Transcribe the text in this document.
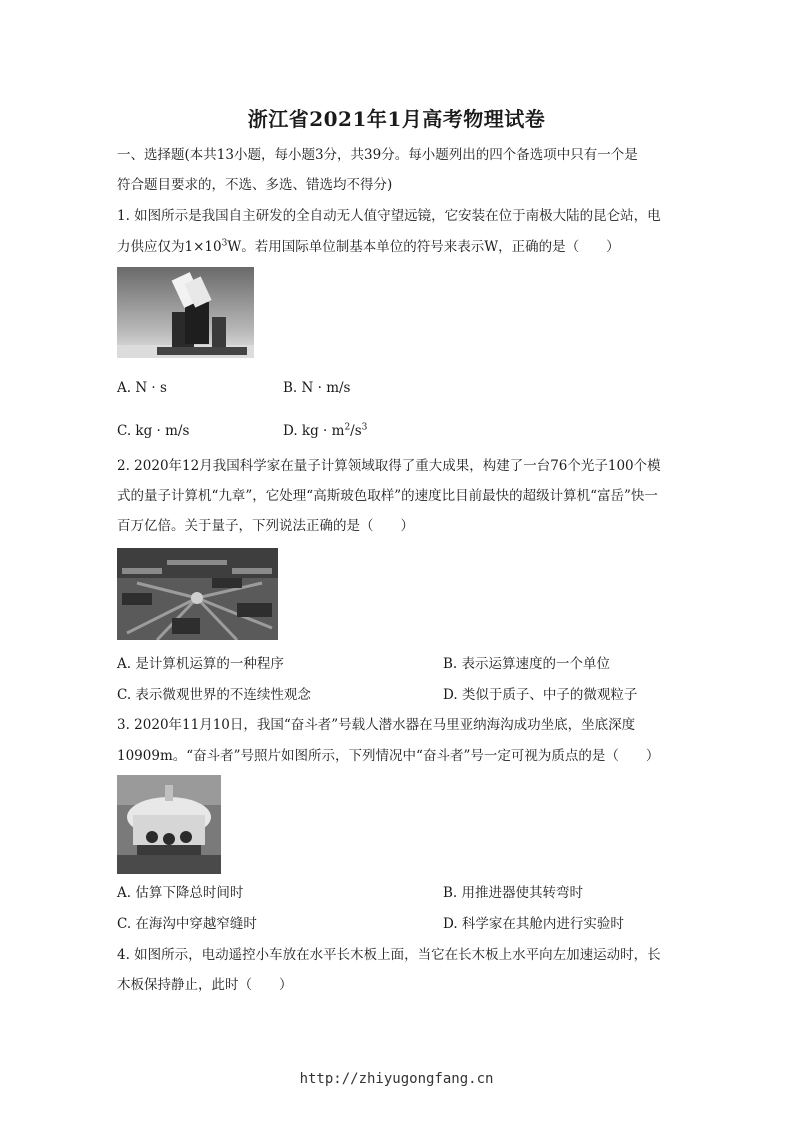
浙江省2021年1月高考物理试卷
一、选择题(本共13小题，每小题3分，共39分。每小题列出的四个备选项中只有一个是
符合题目要求的，不选、多选、错选均不得分)
1. 如图所示是我国自主研发的全自动无人值守望远镜，它安装在位于南极大陆的昆仑站，电
力供应仅为$1\times 10^3W$。若用国际单位制基本单位的符号来表示W，正确的是（　　）
A. N · s	B. N · m/s
C. kg · m/s	D. kg · $m^2/s^3$
2. 2020年12月我国科学家在量子计算领域取得了重大成果，构建了一台76个光子100个模
式的量子计算机“九章”，它处理“高斯玻色取样”的速度比目前最快的超级计算机“富岳”快一
百万亿倍。关于量子，下列说法正确的是（　　）
A. 是计算机运算的一种程序	B. 表示运算速度的一个单位
C. 表示微观世界的不连续性观念	D. 类似于质子、中子的微观粒子
3. 2020年11月10日，我国“奋斗者”号载人潜水器在马里亚纳海沟成功坐底，坐底深度
10909m。“奋斗者”号照片如图所示，下列情况中“奋斗者”号一定可视为质点的是（　　）
A. 估算下降总时间时	B. 用推进器使其转弯时
C. 在海沟中穿越窄缝时	D. 科学家在其舱内进行实验时
4. 如图所示，电动遥控小车放在水平长木板上面，当它在长木板上水平向左加速运动时，长
木板保持静止，此时（　　）
http://zhiyugongfang.cn
